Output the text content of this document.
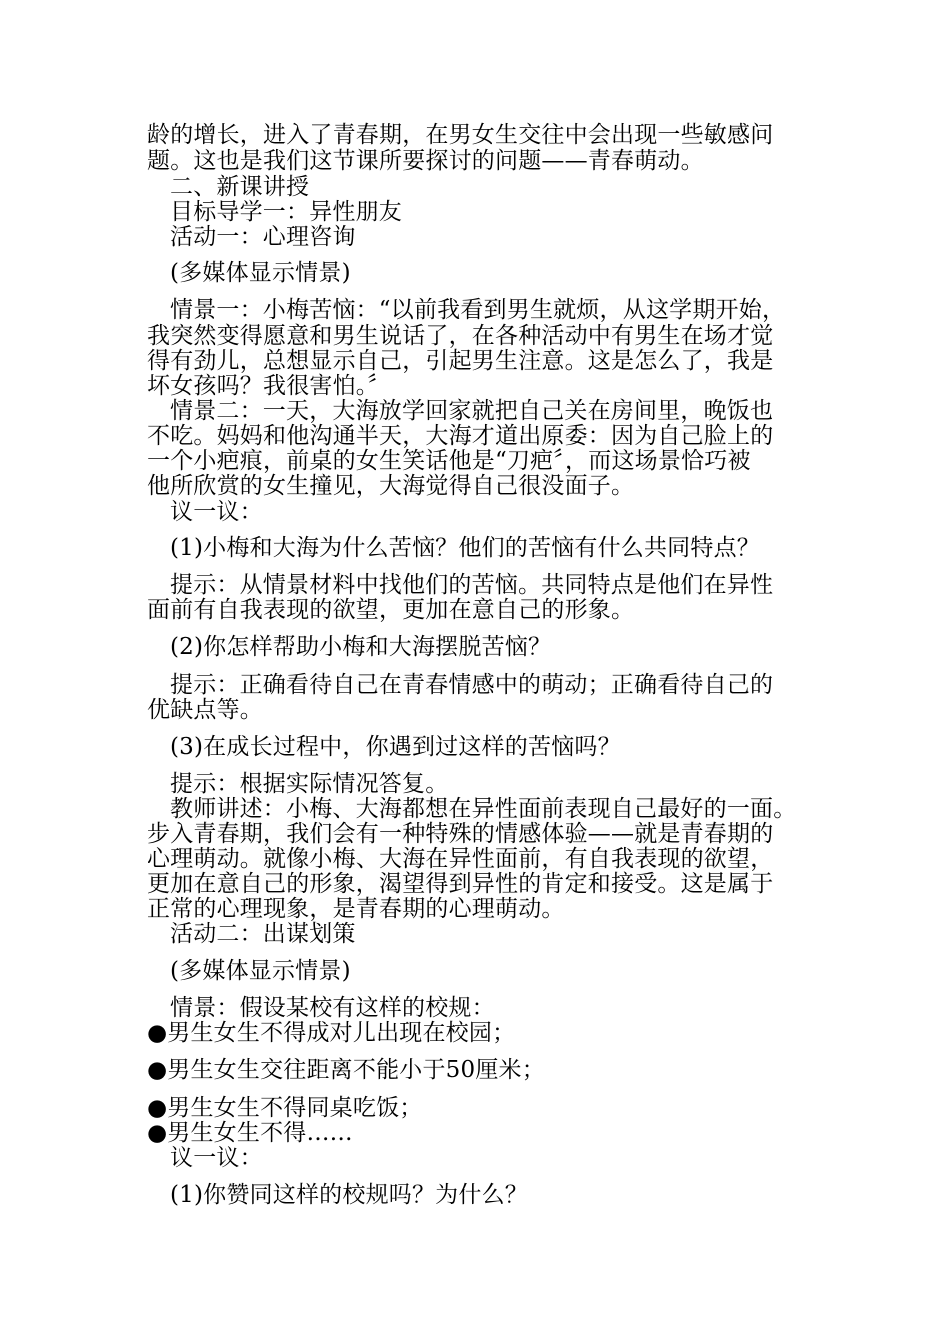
龄的增长，进入了青春期，在男女生交往中会出现一些敏感问
题。这也是我们这节课所要探讨的问题——青春萌动。
二、新课讲授
目标导学一：异性朋友
活动一：心理咨询
(多媒体显示情景)
情景一：小梅苦恼：“以前我看到男生就烦，从这学期开始，
我突然变得愿意和男生说话了，在各种活动中有男生在场才觉
得有劲儿，总想显示自己，引起男生注意。这是怎么了，我是
坏女孩吗？我很害怕。〞
情景二：一天，大海放学回家就把自己关在房间里，晚饭也
不吃。妈妈和他沟通半天，大海才道出原委：因为自己脸上的
一个小疤痕，前桌的女生笑话他是“刀疤〞，而这场景恰巧被
他所欣赏的女生撞见，大海觉得自己很没面子。
议一议：
(1)小梅和大海为什么苦恼？他们的苦恼有什么共同特点？
提示：从情景材料中找他们的苦恼。共同特点是他们在异性
面前有自我表现的欲望，更加在意自己的形象。
(2)你怎样帮助小梅和大海摆脱苦恼？
提示：正确看待自己在青春情感中的萌动；正确看待自己的
优缺点等。
(3)在成长过程中，你遇到过这样的苦恼吗？
提示：根据实际情况答复。
教师讲述：小梅、大海都想在异性面前表现自己最好的一面。
步入青春期，我们会有一种特殊的情感体验——就是青春期的
心理萌动。就像小梅、大海在异性面前，有自我表现的欲望，
更加在意自己的形象，渴望得到异性的肯定和接受。这是属于
正常的心理现象，是青春期的心理萌动。
活动二：出谋划策
(多媒体显示情景)
情景：假设某校有这样的校规：
●男生女生不得成对儿出现在校园；
●男生女生交往距离不能小于50厘米；
●男生女生不得同桌吃饭；
●男生女生不得……
议一议：
(1)你赞同这样的校规吗？为什么？
